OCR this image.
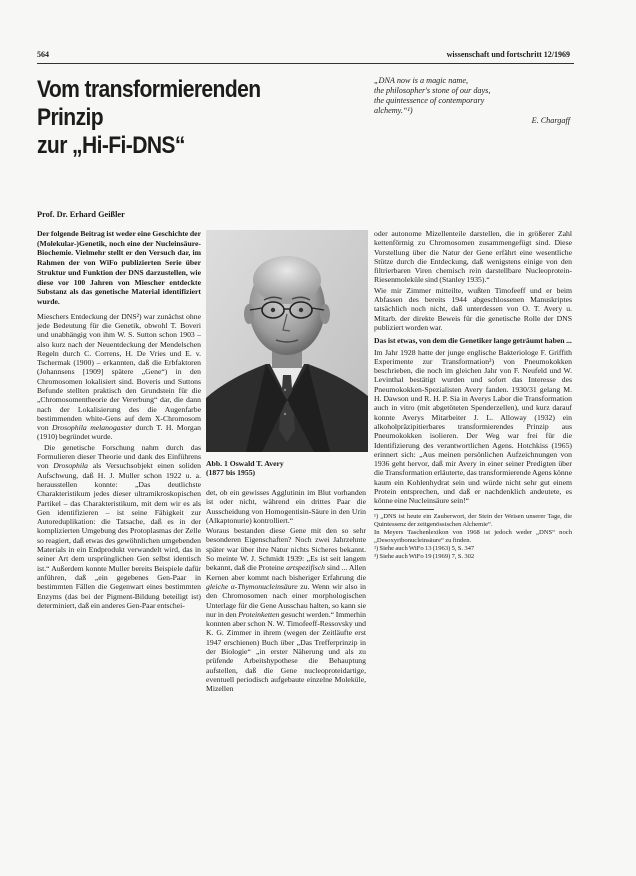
564	wissenschaft und fortschritt 12/1969
Vom transformierenden
Prinzip
zur „Hi-Fi-DNS“
„DNA now is a magic name,
the philosopher's stone of our days,
the quintessence of contemporary
alchemy.“¹)
E. Chargaff
Prof. Dr. Erhard Geißler

Der folgende Beitrag ist weder eine Geschichte der (Molekular-)Genetik, noch eine der Nucleinsäure-Biochemie. Vielmehr stellt er den Versuch dar, im Rahmen der von WiFo publizierten Serie über Struktur und Funktion der DNS darzustellen, wie diese vor 100 Jahren von Miescher entdeckte Substanz als das genetische Material identifiziert wurde.

Mieschers Entdeckung der DNS²) war zunächst ohne jede Bedeutung für die Genetik, obwohl T. Boveri und unabhängig von ihm W. S. Sutton schon 1903 – also kurz nach der Neuentdeckung der Mendelschen Regeln durch C. Correns, H. De Vries und E. v. Tschermak (1900) – erkannten, daß die Erbfaktoren (Johannsens [1909] spätere „Gene“) in den Chromosomen lokalisiert sind. Boveris und Suttons Befunde stellten praktisch den Grundstein für die „Chromosomentheorie der Vererbung“ dar, die dann nach der Lokalisierung des die Augenfarbe bestimmenden white-Gens auf dem X-Chromosom von Drosophila melanogaster durch T. H. Morgan (1910) begründet wurde.

Die genetische Forschung nahm durch das Formulieren dieser Theorie und dank des Einführens von Drosophila als Versuchsobjekt einen soliden Aufschwung, daß H. J. Muller schon 1922 u. a. herausstellen konnte: „Das deutlichste Charakteristikum jedes dieser ultramikroskopischen Partikel – das Charakteristikum, mit dem wir es als Gen identifizieren – ist seine Fähigkeit zur Autoreduplikation: die Tatsache, daß es in der komplizierten Umgebung des Protoplasmas der Zelle so reagiert, daß etwas des gewöhnlichen umgebenden Materials in ein Endprodukt verwandelt wird, das in seiner Art dem ursprünglichen Gen selbst identisch ist.“ Außerdem konnte Muller bereits Beispiele dafür anführen, daß „ein gegebenes Gen-Paar in bestimmten Fällen die Gegenwart eines bestimmten Enzyms (das bei der Pigment-Bildung beteiligt ist) determiniert, daß ein anderes Gen-Paar entschei-

Abb. 1 Oswald T. Avery
(1877 bis 1955)

det, ob ein gewisses Agglutinin im Blut vorhanden ist oder nicht, während ein drittes Paar die Ausscheidung von Homogentisin-Säure in den Urin (Alkaptonurie) kontrolliert.“

Woraus bestanden diese Gene mit den so sehr besonderen Eigenschaften? Noch zwei Jahrzehnte später war über ihre Natur nichts Sicheres bekannt. So meinte W. J. Schmidt 1939: „Es ist seit langem bekannt, daß die Proteine artspezifisch sind ... Allen Kernen aber kommt nach bisheriger Erfahrung die gleiche α-Thymonucleinsäure zu. Wenn wir also in den Chromosomen nach einer morphologischen Unterlage für die Gene Ausschau halten, so kann sie nur in den Proteinketten gesucht werden.“ Immerhin konnten aber schon N. W. Timofeeff-Ressovsky und K. G. Zimmer in ihrem (wegen der Zeitläufte erst 1947 erschienen) Buch über „Das Trefferprinzip in der Biologie“ „in erster Näherung und als zu prüfende Arbeitshypothese die Behauptung aufstellen, daß die Gene nucleoproteidartige, eventuell periodisch aufgebaute einzelne Moleküle, Mizellen

oder autonome Mizellenteile darstellen, die in größerer Zahl kettenförmig zu Chromosomen zusammengefügt sind. Diese Vorstellung über die Natur der Gene erfährt eine wesentliche Stütze durch die Entdeckung, daß wenigstens einige von den filtrierbaren Viren chemisch rein darstellbare Nucleoprotein-Riesenmoleküle sind (Stanley 1935).“

Wie mir Zimmer mitteilte, wußten Timofeeff und er beim Abfassen des bereits 1944 abgeschlossenen Manuskriptes tatsächlich noch nicht, daß unterdessen von O. T. Avery u. Mitarb. der direkte Beweis für die genetische Rolle der DNS publiziert worden war.

Das ist etwas, von dem die Genetiker lange geträumt haben ...

Im Jahr 1928 hatte der junge englische Bakteriologe F. Griffith Experimente zur Transformation³) von Pneumokokken beschrieben, die noch im gleichen Jahr von F. Neufeld und W. Levinthal bestätigt wurden und sofort das Interesse des Pneumokokken-Spezialisten Avery fanden. 1930/31 gelang M. H. Dawson und R. H. P. Sia in Averys Labor die Transformation auch in vitro (mit abgetöteten Spenderzellen), und kurz darauf konnte Averys Mitarbeiter J. L. Alloway (1932) ein alkoholpräzipitierbares transformierendes Prinzip aus Pneumokokken isolieren. Der Weg war frei für die Identifizierung des verantwortlichen Agens. Hotchkiss (1965) erinnert sich: „Aus meinen persönlichen Aufzeichnungen von 1936 geht hervor, daß mir Avery in einer seiner Predigten über die Transformation erläuterte, das transformierende Agens könne kaum ein Kohlenhydrat sein und würde nicht sehr gut einem Protein entsprechen, und daß er nachdenklich andeutete, es könne eine Nucleinsäure sein!“

¹) „DNS ist heute ein Zauberwort, der Stein der Weisen unserer Tage, die Quintessenz der zeitgenössischen Alchemie“.

In Meyers Taschenlexikon von 1968 ist jedoch weder „DNS“ noch „Desoxyribonucleinsäure“ zu finden.

²) Siehe auch WiFo 13 (1963) 5, S. 347

³) Siehe auch WiFo 19 (1969) 7, S. 302
